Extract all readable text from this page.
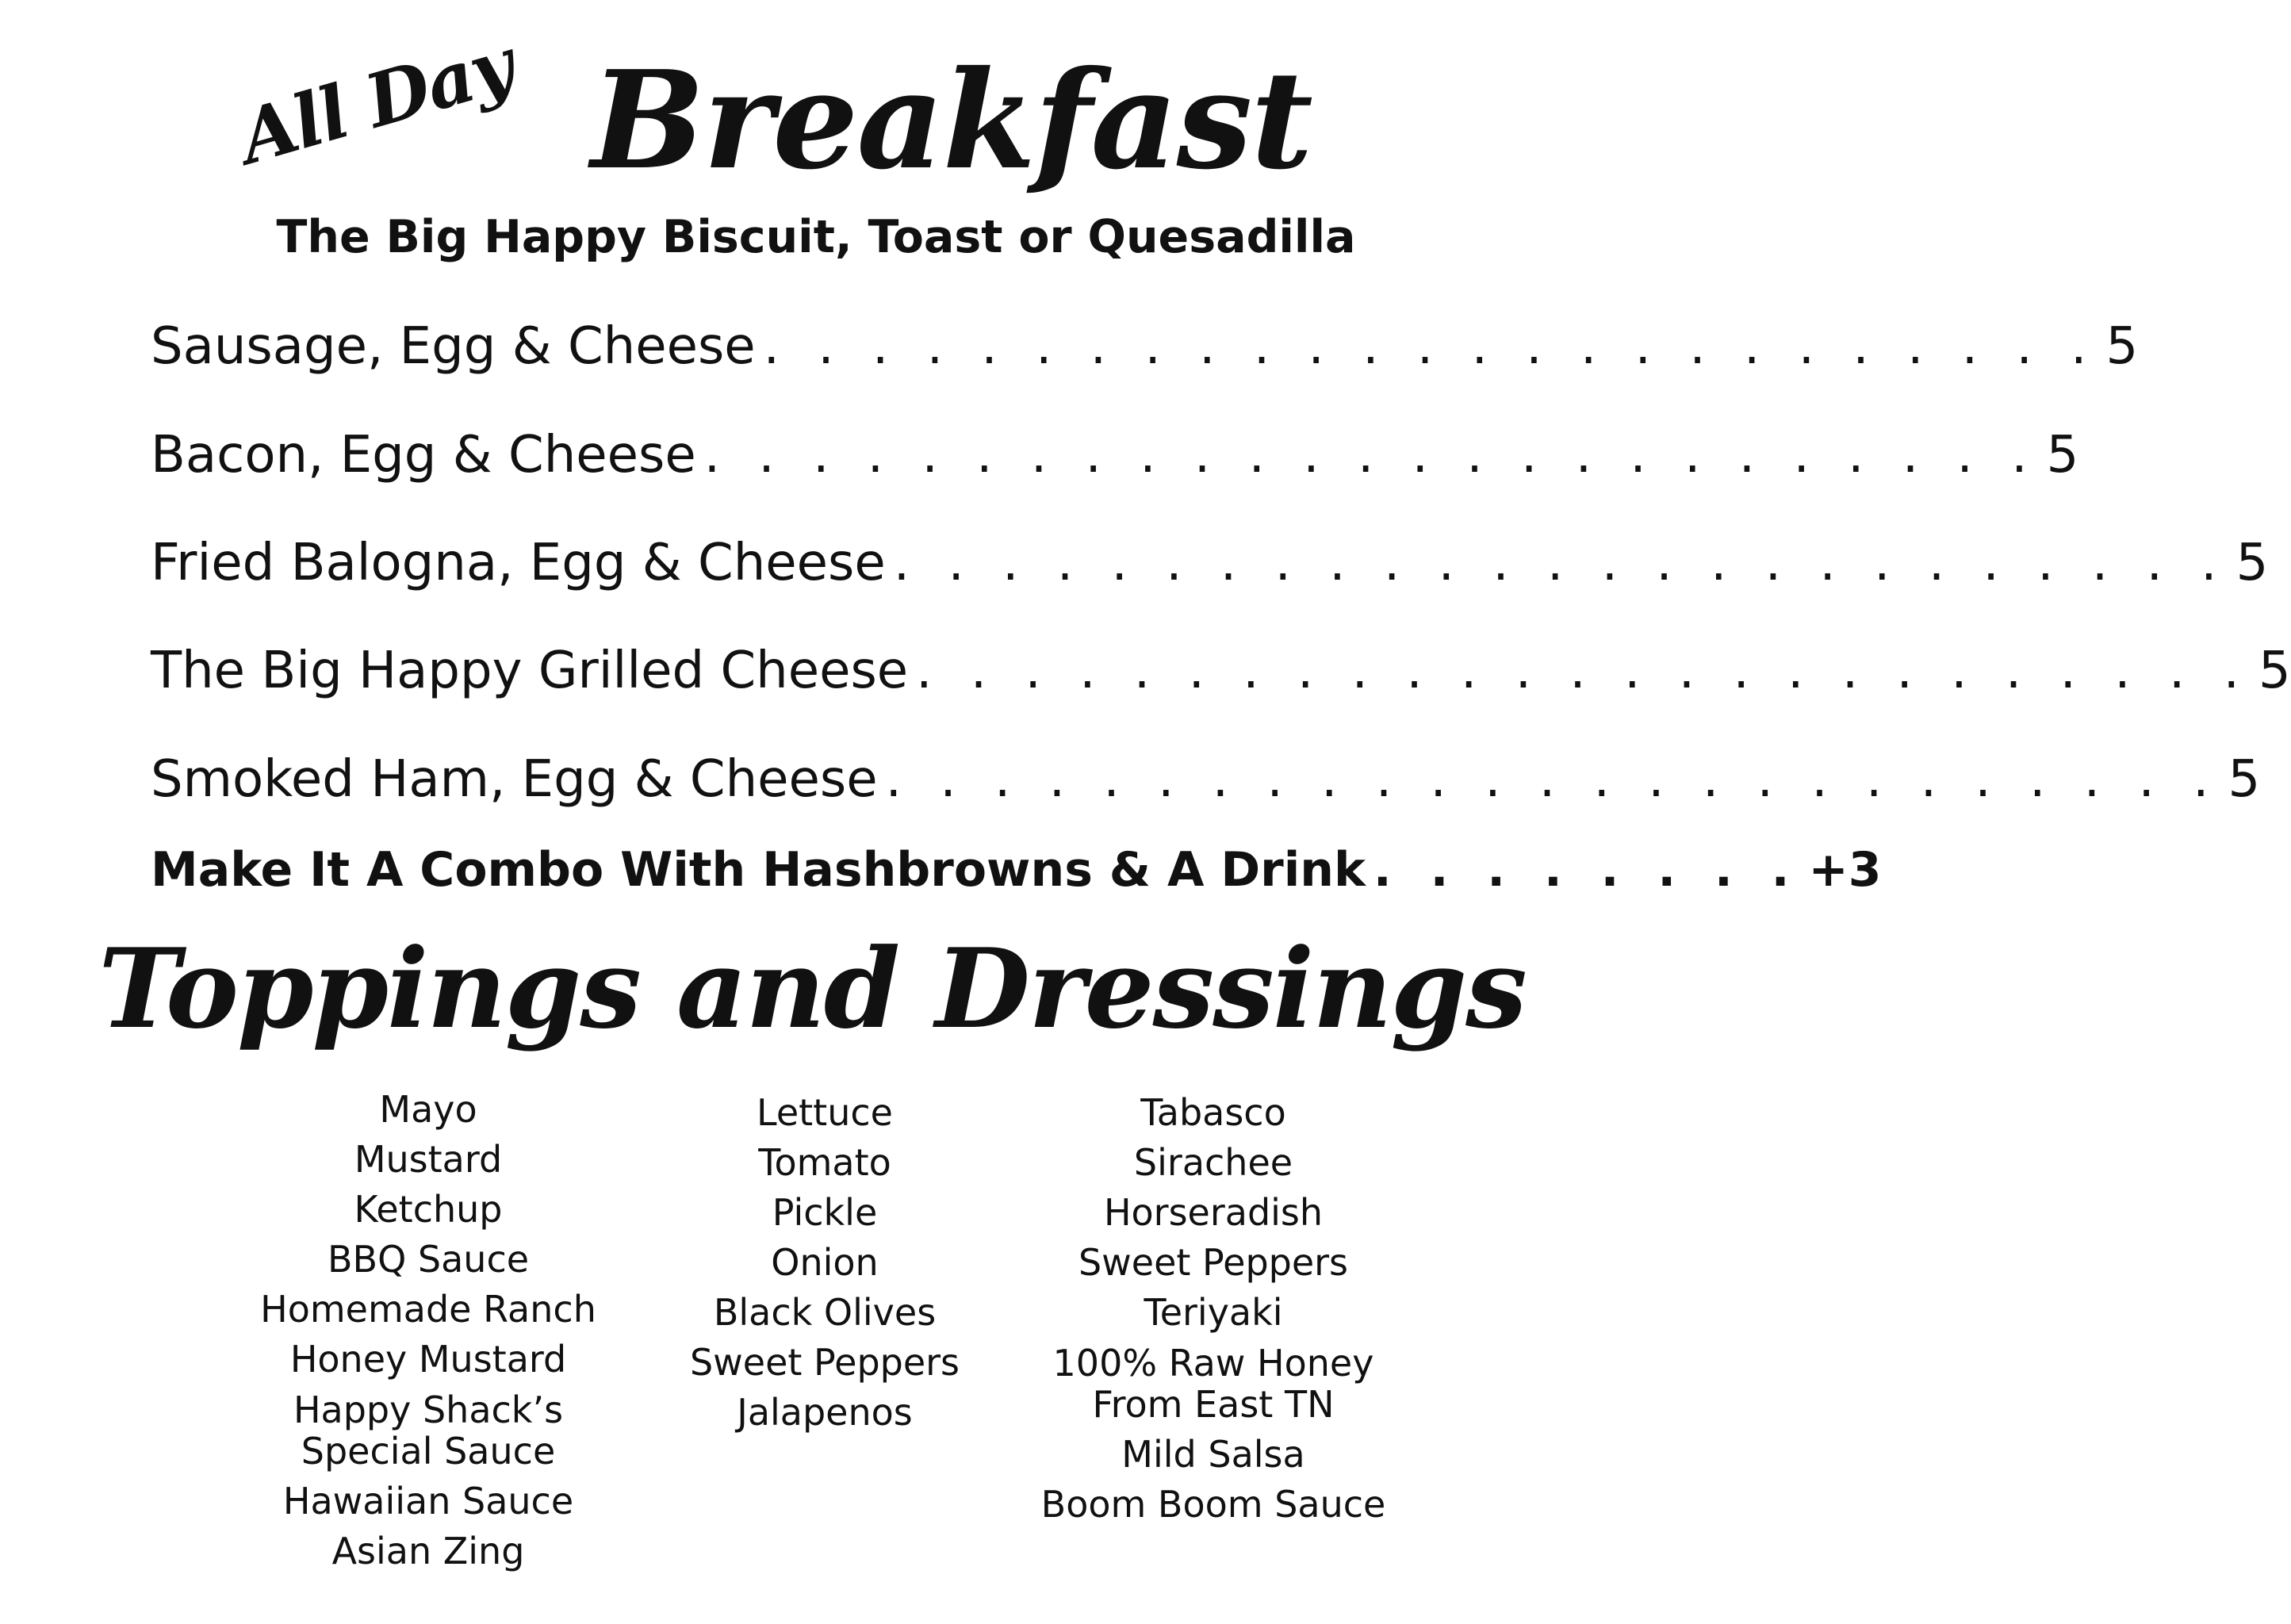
All Day Breakfast
The Big Happy Biscuit, Toast or Quesadilla
Sausage, Egg & Cheese . . . . . . . . . . . . . . . . . . . . . . . . . 5
Bacon, Egg & Cheese . . . . . . . . . . . . . . . . . . . . . . . . . 5
Fried Balogna, Egg & Cheese . . . . . . . . . . . . . . . . . . . . . . . . . 5
The Big Happy Grilled Cheese . . . . . . . . . . . . . . . . . . . . . . . . . 5
Smoked Ham, Egg & Cheese . . . . . . . . . . . . . . . . . . . . . . . . . 5
Make It A Combo With Hashbrowns & A Drink . . . . . . . . +3
Toppings and Dressings
Mayo
Mustard
Ketchup
BBQ Sauce
Homemade Ranch
Honey Mustard
Happy Shack’s
Special Sauce
Hawaiian Sauce
Asian Zing
Lettuce
Tomato
Pickle
Onion
Black Olives
Sweet Peppers
Jalapenos
Tabasco
Sirachee
Horseradish
Sweet Peppers
Teriyaki
100% Raw Honey
From East TN
Mild Salsa
Boom Boom Sauce
